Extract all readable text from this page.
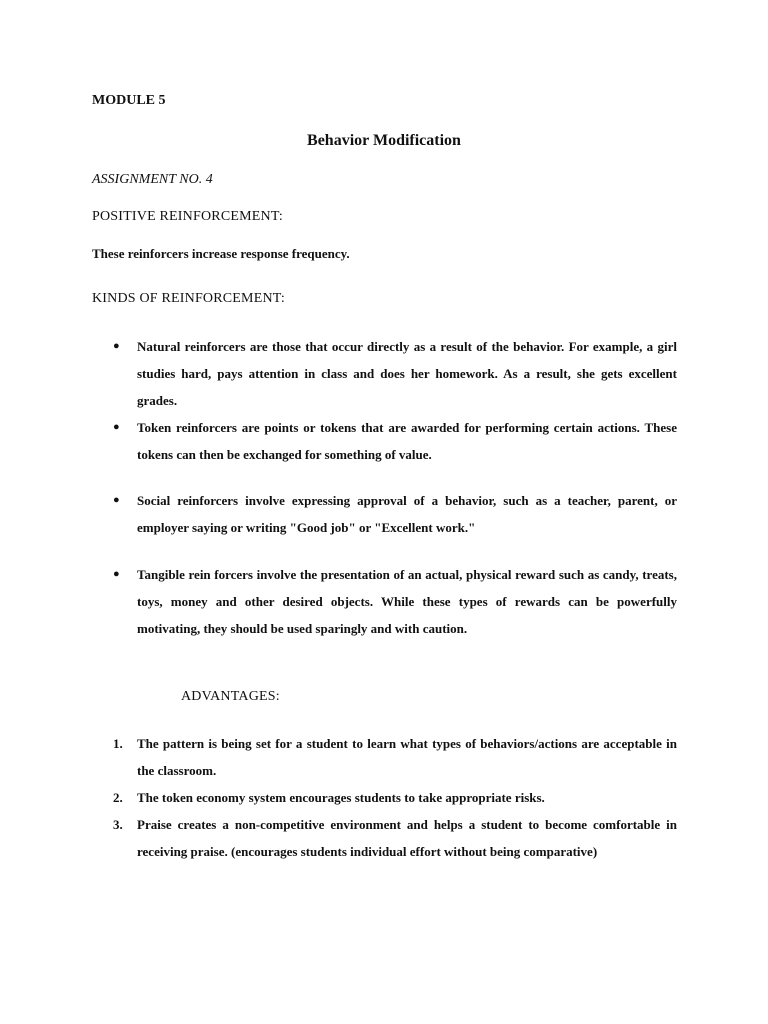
MODULE 5
Behavior Modification
ASSIGNMENT NO. 4
POSITIVE REINFORCEMENT:
These reinforcers increase response frequency.
KINDS OF REINFORCEMENT:
● Natural reinforcers are those that occur directly as a result of the behavior. For example, a girl studies hard, pays attention in class and does her homework. As a result, she gets excellent grades.
● Token reinforcers are points or tokens that are awarded for performing certain actions. These tokens can then be exchanged for something of value.
● Social reinforcers involve expressing approval of a behavior, such as a teacher, parent, or employer saying or writing "Good job" or "Excellent work."
● Tangible rein forcers involve the presentation of an actual, physical reward such as candy, treats, toys, money and other desired objects. While these types of rewards can be powerfully motivating, they should be used sparingly and with caution.
ADVANTAGES:
1. The pattern is being set for a student to learn what types of behaviors/actions are acceptable in the classroom.
2. The token economy system encourages students to take appropriate risks.
3. Praise creates a non-competitive environment and helps a student to become comfortable in receiving praise. (encourages students individual effort without being comparative)
